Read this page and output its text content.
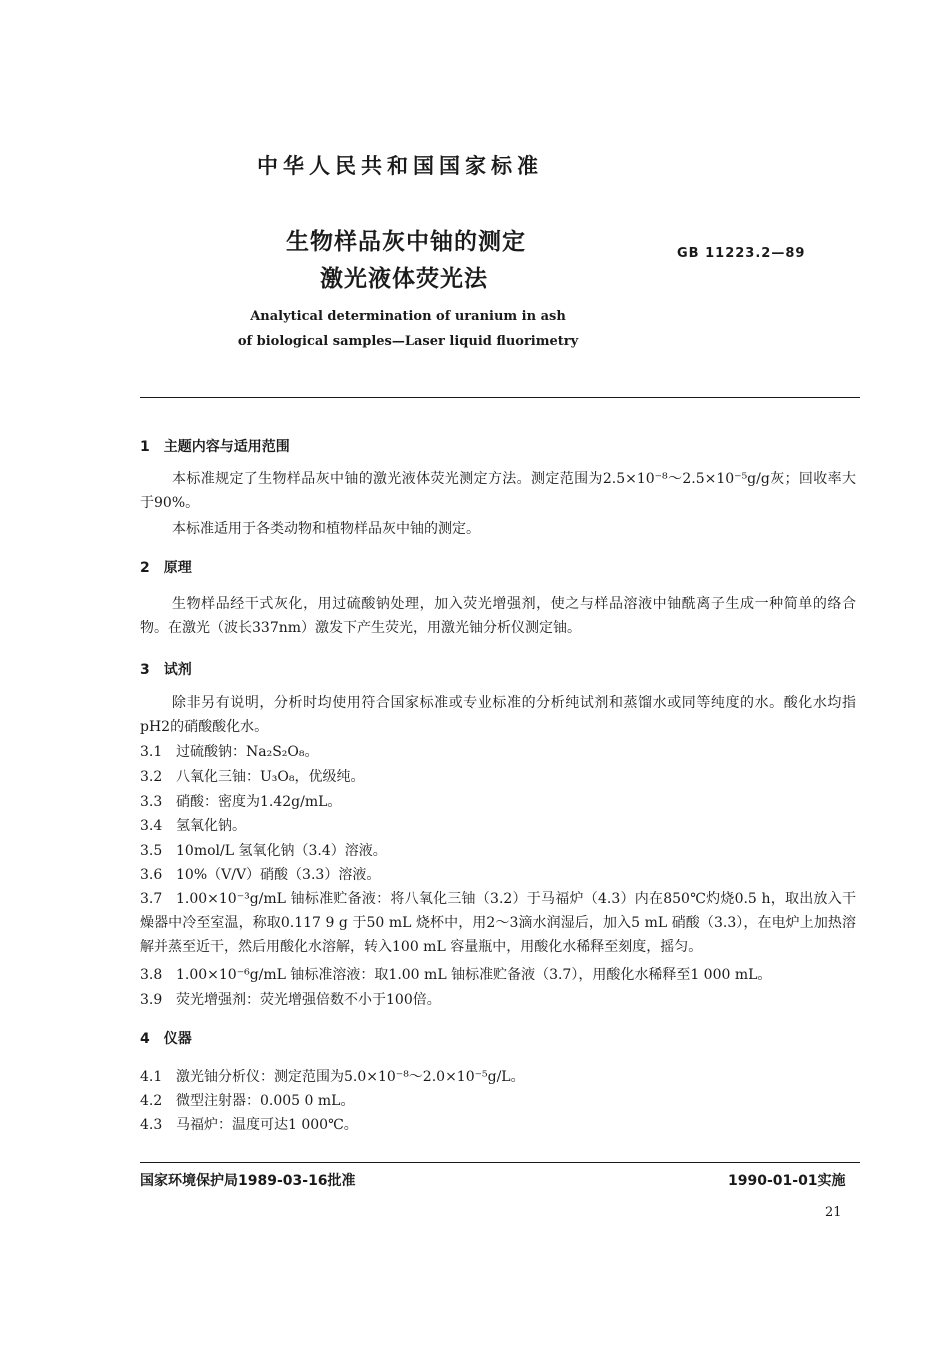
中华人民共和国国家标准
生物样品灰中铀的测定
激光液体荧光法
GB 11223.2—89
Analytical determination of uranium in ash
of biological samples—Laser liquid fluorimetry
1　主题内容与适用范围

本标准规定了生物样品灰中铀的激光液体荧光测定方法。测定范围为2.5×10⁻⁸～2.5×10⁻⁵g/g灰；回收率大于90%。

本标准适用于各类动物和植物样品灰中铀的测定。

2　原理

生物样品经干式灰化，用过硫酸钠处理，加入荧光增强剂，使之与样品溶液中铀酰离子生成一种简单的络合物。在激光（波长337nm）激发下产生荧光，用激光铀分析仪测定铀。

3　试剂

除非另有说明，分析时均使用符合国家标准或专业标准的分析纯试剂和蒸馏水或同等纯度的水。酸化水均指 pH2的硝酸酸化水。

3.1 过硫酸钠：Na₂S₂O₈。
3.2 八氧化三铀：U₃O₈，优级纯。
3.3 硝酸：密度为1.42g/mL。
3.4 氢氧化钠。
3.5 10mol/L 氢氧化钠（3.4）溶液。
3.6 10%（V/V）硝酸（3.3）溶液。
3.7 1.00×10⁻³g/mL 铀标准贮备液：将八氧化三铀（3.2）于马福炉（4.3）内在850℃灼烧0.5 h，取出放入干燥器中冷至室温，称取0.117 9 g 于50 mL 烧杯中，用2～3滴水润湿后，加入5 mL 硝酸（3.3），在电炉上加热溶解并蒸至近干，然后用酸化水溶解，转入100 mL 容量瓶中，用酸化水稀释至刻度，摇匀。
3.8 1.00×10⁻⁶g/mL 铀标准溶液：取1.00 mL 铀标准贮备液（3.7），用酸化水稀释至1 000 mL。
3.9 荧光增强剂：荧光增强倍数不小于100倍。
4　仪器
4.1 激光铀分析仪：测定范围为5.0×10⁻⁸～2.0×10⁻⁵g/L。
4.2 微型注射器：0.005 0 mL。
4.3 马福炉：温度可达1 000℃。
国家环境保护局1989-03-16批准	1990-01-01实施
21
